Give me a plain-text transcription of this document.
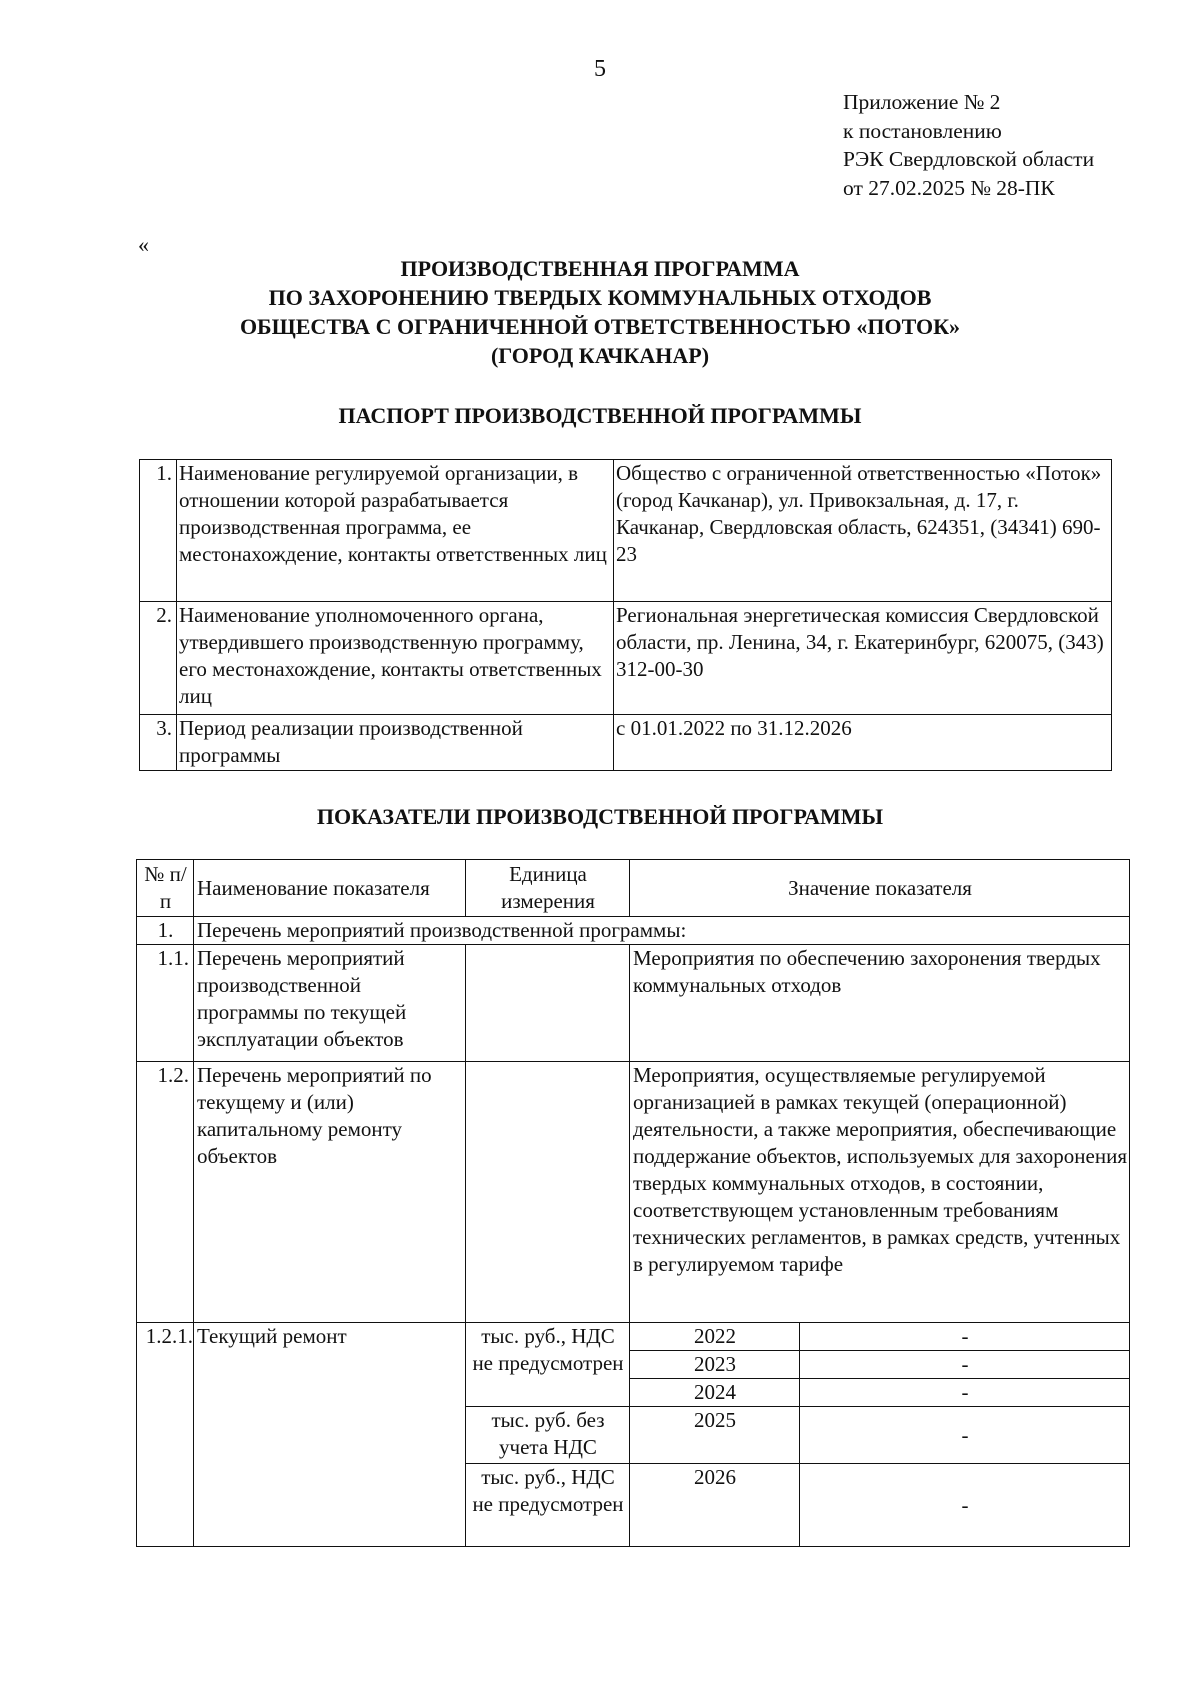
5
Приложение № 2
к постановлению
РЭК Свердловской области
от 27.02.2025 № 28-ПК
«
ПРОИЗВОДСТВЕННАЯ ПРОГРАММА
ПО ЗАХОРОНЕНИЮ ТВЕРДЫХ КОММУНАЛЬНЫХ ОТХОДОВ
ОБЩЕСТВА С ОГРАНИЧЕННОЙ ОТВЕТСТВЕННОСТЬЮ «ПОТОК»
(ГОРОД КАЧКАНАР)
ПАСПОРТ ПРОИЗВОДСТВЕННОЙ ПРОГРАММЫ
1.	Наименование регулируемой организации, в отношении которой разрабатывается производственная программа, ее местонахождение, контакты ответственных лиц	Общество с ограниченной ответственностью «Поток» (город Качканар), ул. Привокзальная, д. 17, г. Качканар, Свердловская область, 624351, (34341) 690-23
2.	Наименование уполномоченного органа, утвердившего производственную программу, его местонахождение, контакты ответственных лиц	Региональная энергетическая комиссия Свердловской области, пр. Ленина, 34, г. Екатеринбург, 620075, (343) 312-00-30
3.	Период реализации производственной программы	с 01.01.2022 по 31.12.2026
ПОКАЗАТЕЛИ ПРОИЗВОДСТВЕННОЙ ПРОГРАММЫ
№ п/п	Наименование показателя	Единица измерения	Значение показателя	
1.	Перечень мероприятий производственной программы:			
1.1.	Перечень мероприятий производственной программы по текущей эксплуатации объектов		Мероприятия по обеспечению захоронения твердых коммунальных отходов	
1.2.	Перечень мероприятий по текущему и (или) капитальному ремонту объектов		Мероприятия, осуществляемые регулируемой организацией в рамках текущей (операционной) деятельности, а также мероприятия, обеспечивающие поддержание объектов, используемых для захоронения твердых коммунальных отходов, в состоянии, соответствующем установленным требованиям технических регламентов, в рамках средств, учтенных в регулируемом тарифе	
1.2.1.	Текущий ремонт	тыс. руб., НДС не предусмотрен	2022	-
			2023	-
			2024	-
		тыс. руб. без учета НДС	2025	-
		тыс. руб., НДС не предусмотрен	2026	-
